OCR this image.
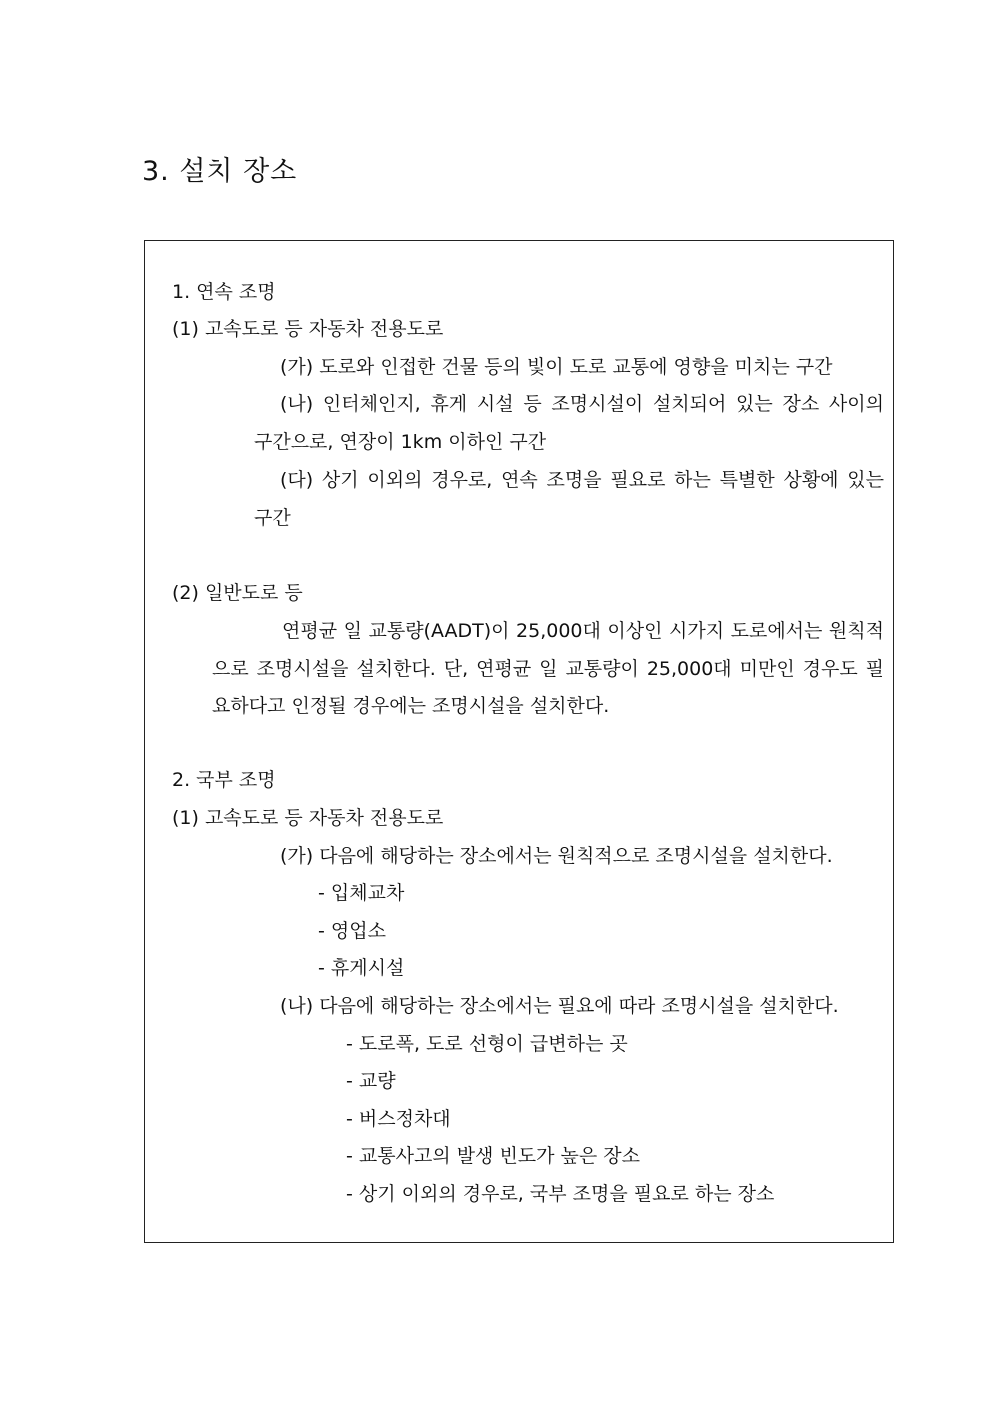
3. 설치 장소
1. 연속 조명
(1) 고속도로 등 자동차 전용도로
(가) 도로와 인접한 건물 등의 빛이 도로 교통에 영향을 미치는 구간
(나) 인터체인지, 휴게 시설 등 조명시설이 설치되어 있는 장소 사이의
구간으로, 연장이 1km 이하인 구간
(다) 상기 이외의 경우로, 연속 조명을 필요로 하는 특별한 상황에 있는
구간
(2) 일반도로 등
연평균 일 교통량(AADT)이 25,000대 이상인 시가지 도로에서는 원칙적
으로 조명시설을 설치한다. 단, 연평균 일 교통량이 25,000대 미만인 경우도 필
요하다고 인정될 경우에는 조명시설을 설치한다.
2. 국부 조명
(1) 고속도로 등 자동차 전용도로
(가) 다음에 해당하는 장소에서는 원칙적으로 조명시설을 설치한다.
- 입체교차
- 영업소
- 휴게시설
(나) 다음에 해당하는 장소에서는 필요에 따라 조명시설을 설치한다.
- 도로폭, 도로 선형이 급변하는 곳
- 교량
- 버스정차대
- 교통사고의 발생 빈도가 높은 장소
- 상기 이외의 경우로, 국부 조명을 필요로 하는 장소
